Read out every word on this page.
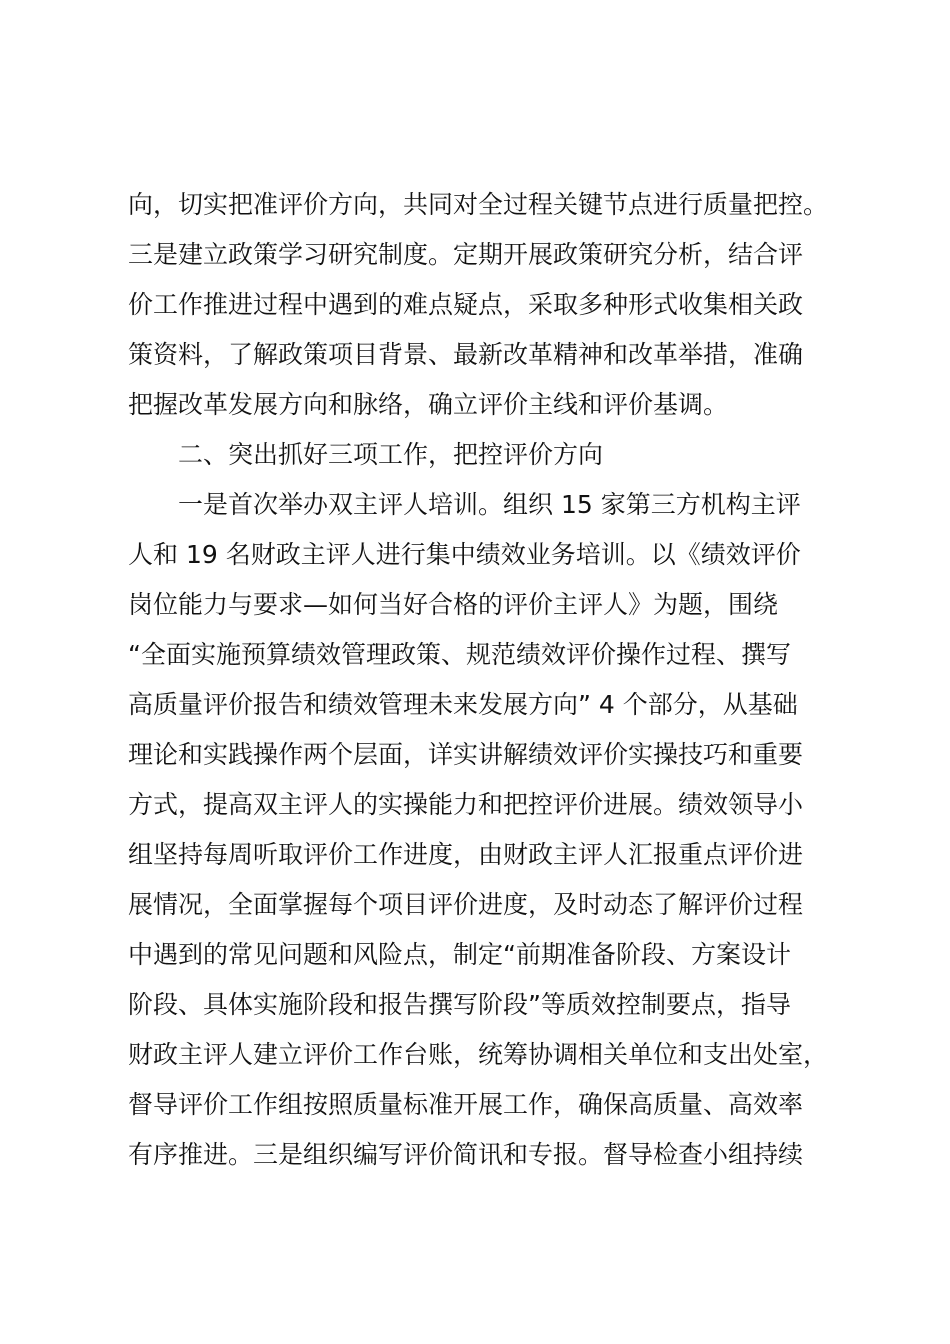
向，切实把准评价方向，共同对全过程关键节点进行质量把控。
三是建立政策学习研究制度。定期开展政策研究分析，结合评
价工作推进过程中遇到的难点疑点，采取多种形式收集相关政
策资料，了解政策项目背景、最新改革精神和改革举措，准确
把握改革发展方向和脉络，确立评价主线和评价基调。
二、突出抓好三项工作，把控评价方向
一是首次举办双主评人培训。组织 15 家第三方机构主评
人和 19 名财政主评人进行集中绩效业务培训。以《绩效评价
岗位能力与要求—如何当好合格的评价主评人》为题，围绕
“全面实施预算绩效管理政策、规范绩效评价操作过程、撰写
高质量评价报告和绩效管理未来发展方向” 4 个部分，从基础
理论和实践操作两个层面，详实讲解绩效评价实操技巧和重要
方式，提高双主评人的实操能力和把控评价进展。绩效领导小
组坚持每周听取评价工作进度，由财政主评人汇报重点评价进
展情况，全面掌握每个项目评价进度，及时动态了解评价过程
中遇到的常见问题和风险点，制定“前期准备阶段、方案设计
阶段、具体实施阶段和报告撰写阶段”等质效控制要点，指导
财政主评人建立评价工作台账，统筹协调相关单位和支出处室，
督导评价工作组按照质量标准开展工作，确保高质量、高效率
有序推进。三是组织编写评价简讯和专报。督导检查小组持续
